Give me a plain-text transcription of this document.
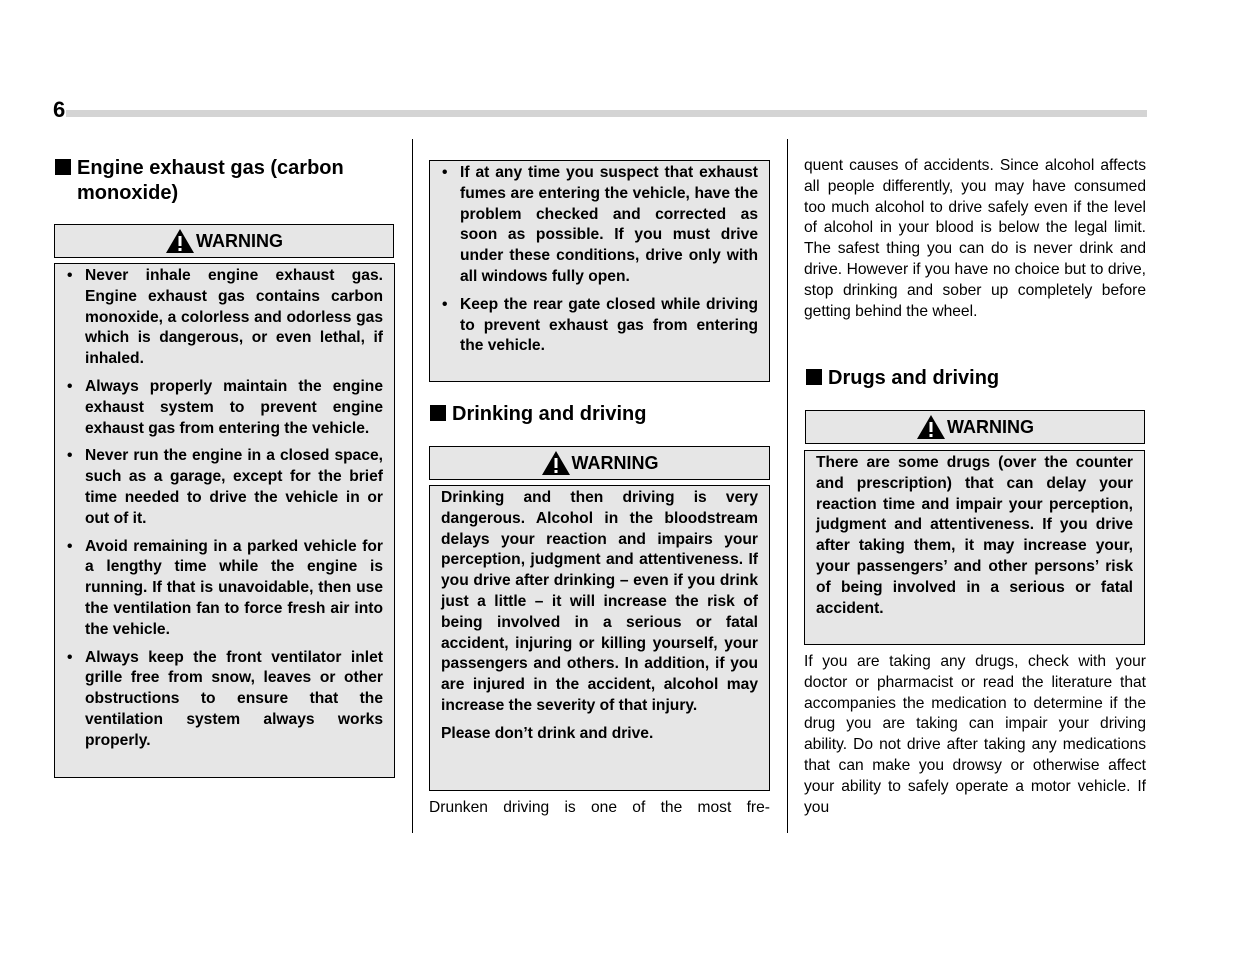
6
Engine exhaust gas (carbon
monoxide)
WARNING
• Never inhale engine exhaust gas. Engine exhaust gas contains carbon monoxide, a colorless and odorless gas which is dangerous, or even lethal, if inhaled.
• Always properly maintain the engine exhaust system to prevent engine exhaust gas from entering the vehicle.
• Never run the engine in a closed space, such as a garage, except for the brief time needed to drive the vehicle in or out of it.
• Avoid remaining in a parked vehicle for a lengthy time while the engine is running. If that is unavoidable, then use the ventilation fan to force fresh air into the vehicle.
• Always keep the front ventilator inlet grille free from snow, leaves or other obstructions to ensure that the ventilation system always works properly.
• If at any time you suspect that exhaust fumes are entering the vehicle, have the problem checked and corrected as soon as possible. If you must drive under these conditions, drive only with all windows fully open.
• Keep the rear gate closed while driving to prevent exhaust gas from entering the vehicle.
Drinking and driving
WARNING

Drinking and then driving is very dangerous. Alcohol in the bloodstream delays your reaction and impairs your perception, judgment and attentiveness. If you drive after drinking – even if you drink just a little – it will increase the risk of being involved in a serious or fatal accident, injuring or killing yourself, your passengers and others. In addition, if you are injured in the accident, alcohol may increase the severity of that injury.

Please don’t drink and drive.

Drunken driving is one of the most fre-

quent causes of accidents. Since alcohol affects all people differently, you may have consumed too much alcohol to drive safely even if the level of alcohol in your blood is below the legal limit. The safest thing you can do is never drink and drive. However if you have no choice but to drive, stop drinking and sober up completely before getting behind the wheel.

Drugs and driving
WARNING

There are some drugs (over the counter and prescription) that can delay your reaction time and impair your perception, judgment and attentiveness. If you drive after taking them, it may increase your, your passengers’ and other persons’ risk of being involved in a serious or fatal accident.

If you are taking any drugs, check with your doctor or pharmacist or read the literature that accompanies the medication to determine if the drug you are taking can impair your driving ability. Do not drive after taking any medications that can make you drowsy or otherwise affect your ability to safely operate a motor vehicle. If you
